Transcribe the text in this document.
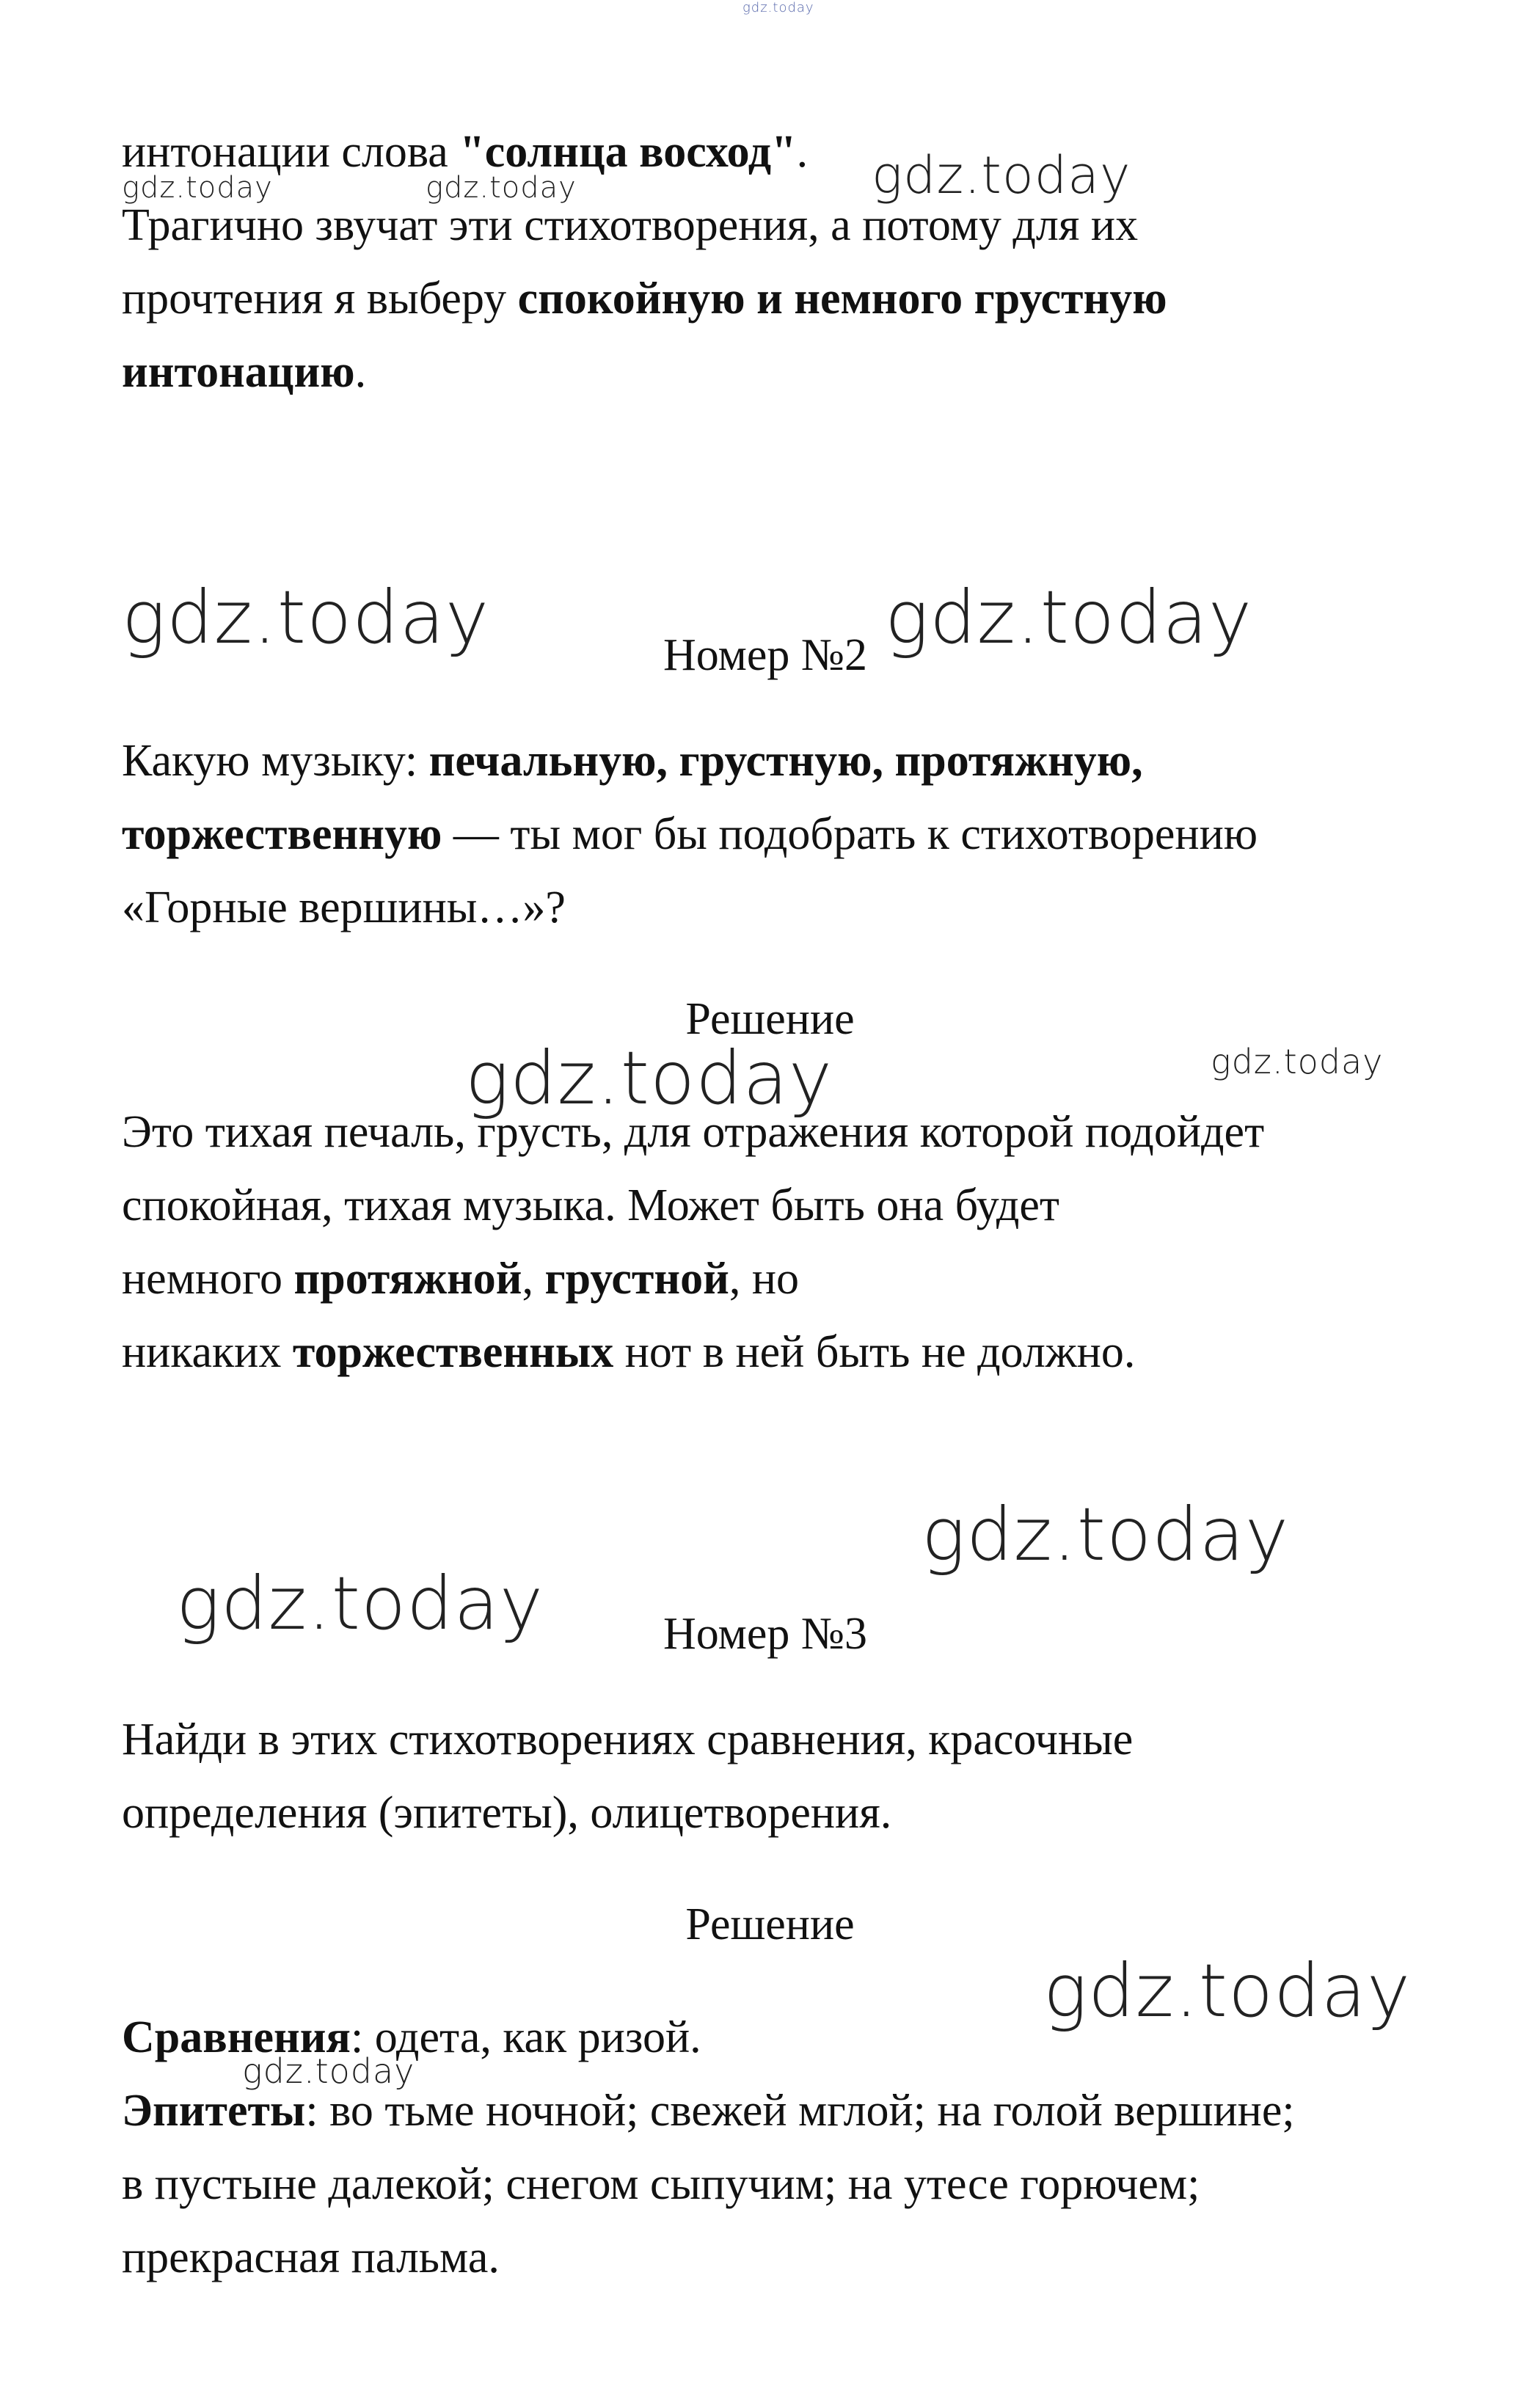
gdz.today
интонации слова "солнца восход".
gdz.today	gdz.today	gdz.today
Трагично звучат эти стихотворения, а потому для их
прочтения я выберу спокойную и немного грустную
интонацию.
gdz.today	Номер №2 gdz.today
Какую музыку: печальную, грустную, протяжную,
торжественную — ты мог бы подобрать к стихотворению
«Горные вершины…»?
Решение
gdz.today	gdz.today
Это тихая печаль, грусть, для отражения которой подойдет
спокойная, тихая музыка. Может быть она будет
немного протяжной, грустной, но
никаких торжественных нот в ней быть не должно.
gdz.today
gdz.today	Номер №3
Найди в этих стихотворениях сравнения, красочные
определения (эпитеты), олицетворения.
Решение
gdz.today
Сравнения: одета, как ризой.
gdz.today
Эпитеты: во тьме ночной; свежей мглой; на голой вершине;
в пустыне далекой; снегом сыпучим; на утесе горючем;
прекрасная пальма.
